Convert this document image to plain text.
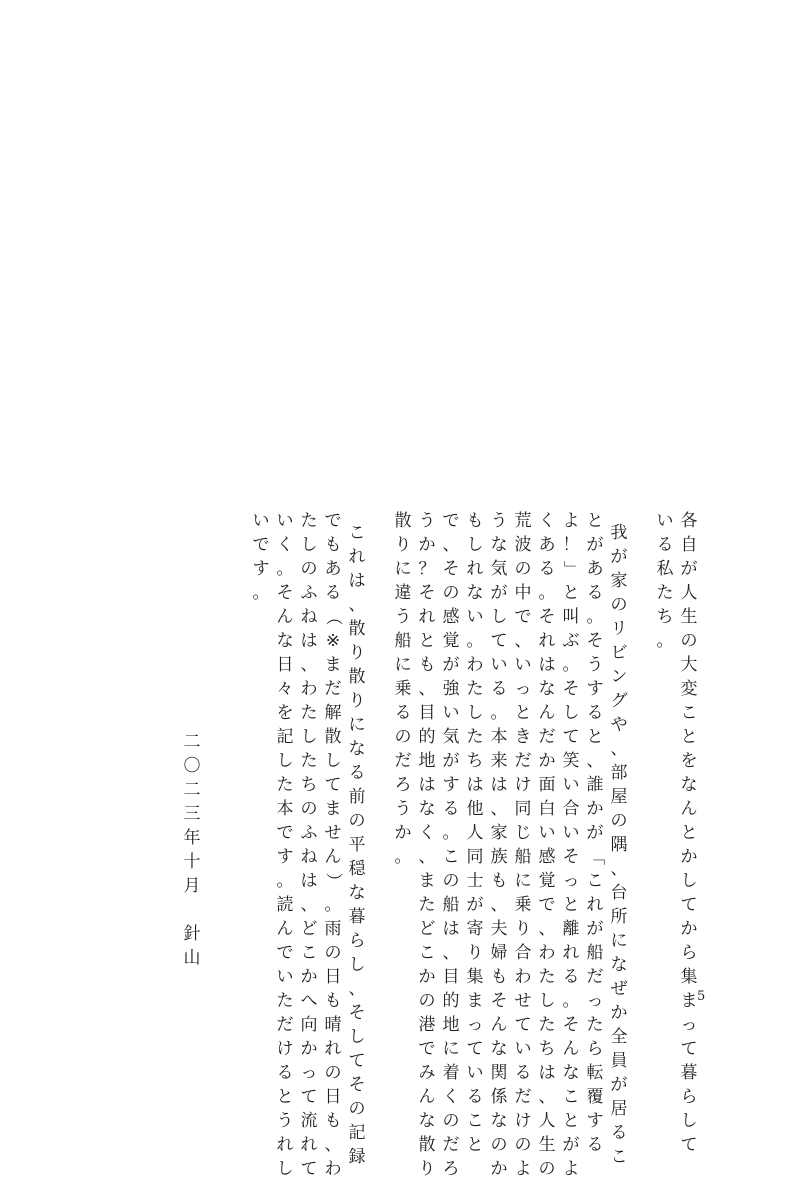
各
自
が
人
生
の
大
変
こ
と
を
な
ん
と
か
し
て
か
ら
集
ま
っ
て
暮
ら
し
て
い
る
私
た
ち
。
我
が
家
の
リ
ビ
ン
グ
や
、
部
屋
の
隅
、
台
所
に
な
ぜ
か
全
員
が
居
る
こ
と
が
あ
る
。
そ
う
す
る
と
、
誰
か
が
「
こ
れ
が
船
だ
っ
た
ら
転
覆
す
る
よ
！
」
と
叫
ぶ
。
そ
し
て
笑
い
合
い
そ
っ
と
離
れ
る
。
そ
ん
な
こ
と
が
よ
く
あ
る
。
そ
れ
は
な
ん
だ
か
面
白
い
感
覚
で
、
わ
た
し
た
ち
は
、
人
生
の
荒
波
の
中
で
、
い
っ
と
き
だ
け
同
じ
船
に
乗
り
合
わ
せ
て
い
る
だ
け
の
よ
う
な
気
が
し
て
い
る
。
本
来
は
、
家
族
も
、
夫
婦
も
そ
ん
な
関
係
な
の
か
も
し
れ
な
い
。
わ
た
し
た
ち
は
他
人
同
士
が
寄
り
集
ま
っ
て
い
る
こ
と
で
、
そ
の
感
覚
が
強
い
気
が
す
る
。
こ
の
船
は
、
目
的
地
に
着
く
の
だ
ろ
う
か
？
そ
れ
と
も
、
目
的
地
は
な
く
、
ま
た
ど
こ
か
の
港
で
み
ん
な
散
り
散
り
に
違
う
船
に
乗
る
の
だ
ろ
う
か
。
こ
れ
は
、
散
り
散
り
に
な
る
前
の
平
穏
な
暮
ら
し
、
そ
し
て
そ
の
記
録
で
も
あ
る
（
※
ま
だ
解
散
し
て
ま
せ
ん
）
。
雨
の
日
も
晴
れ
の
日
も
、
わ
た
し
の
ふ
ね
は
、
わ
た
し
た
ち
の
ふ
ね
は
、
ど
こ
か
へ
向
か
っ
て
流
れ
て
い
く
。
そ
ん
な
日
々
を
記
し
た
本
で
す
。
読
ん
で
い
た
だ
け
る
と
う
れ
し
い
で
す
。
二
〇
二
三
年
十
月

針
山
5
